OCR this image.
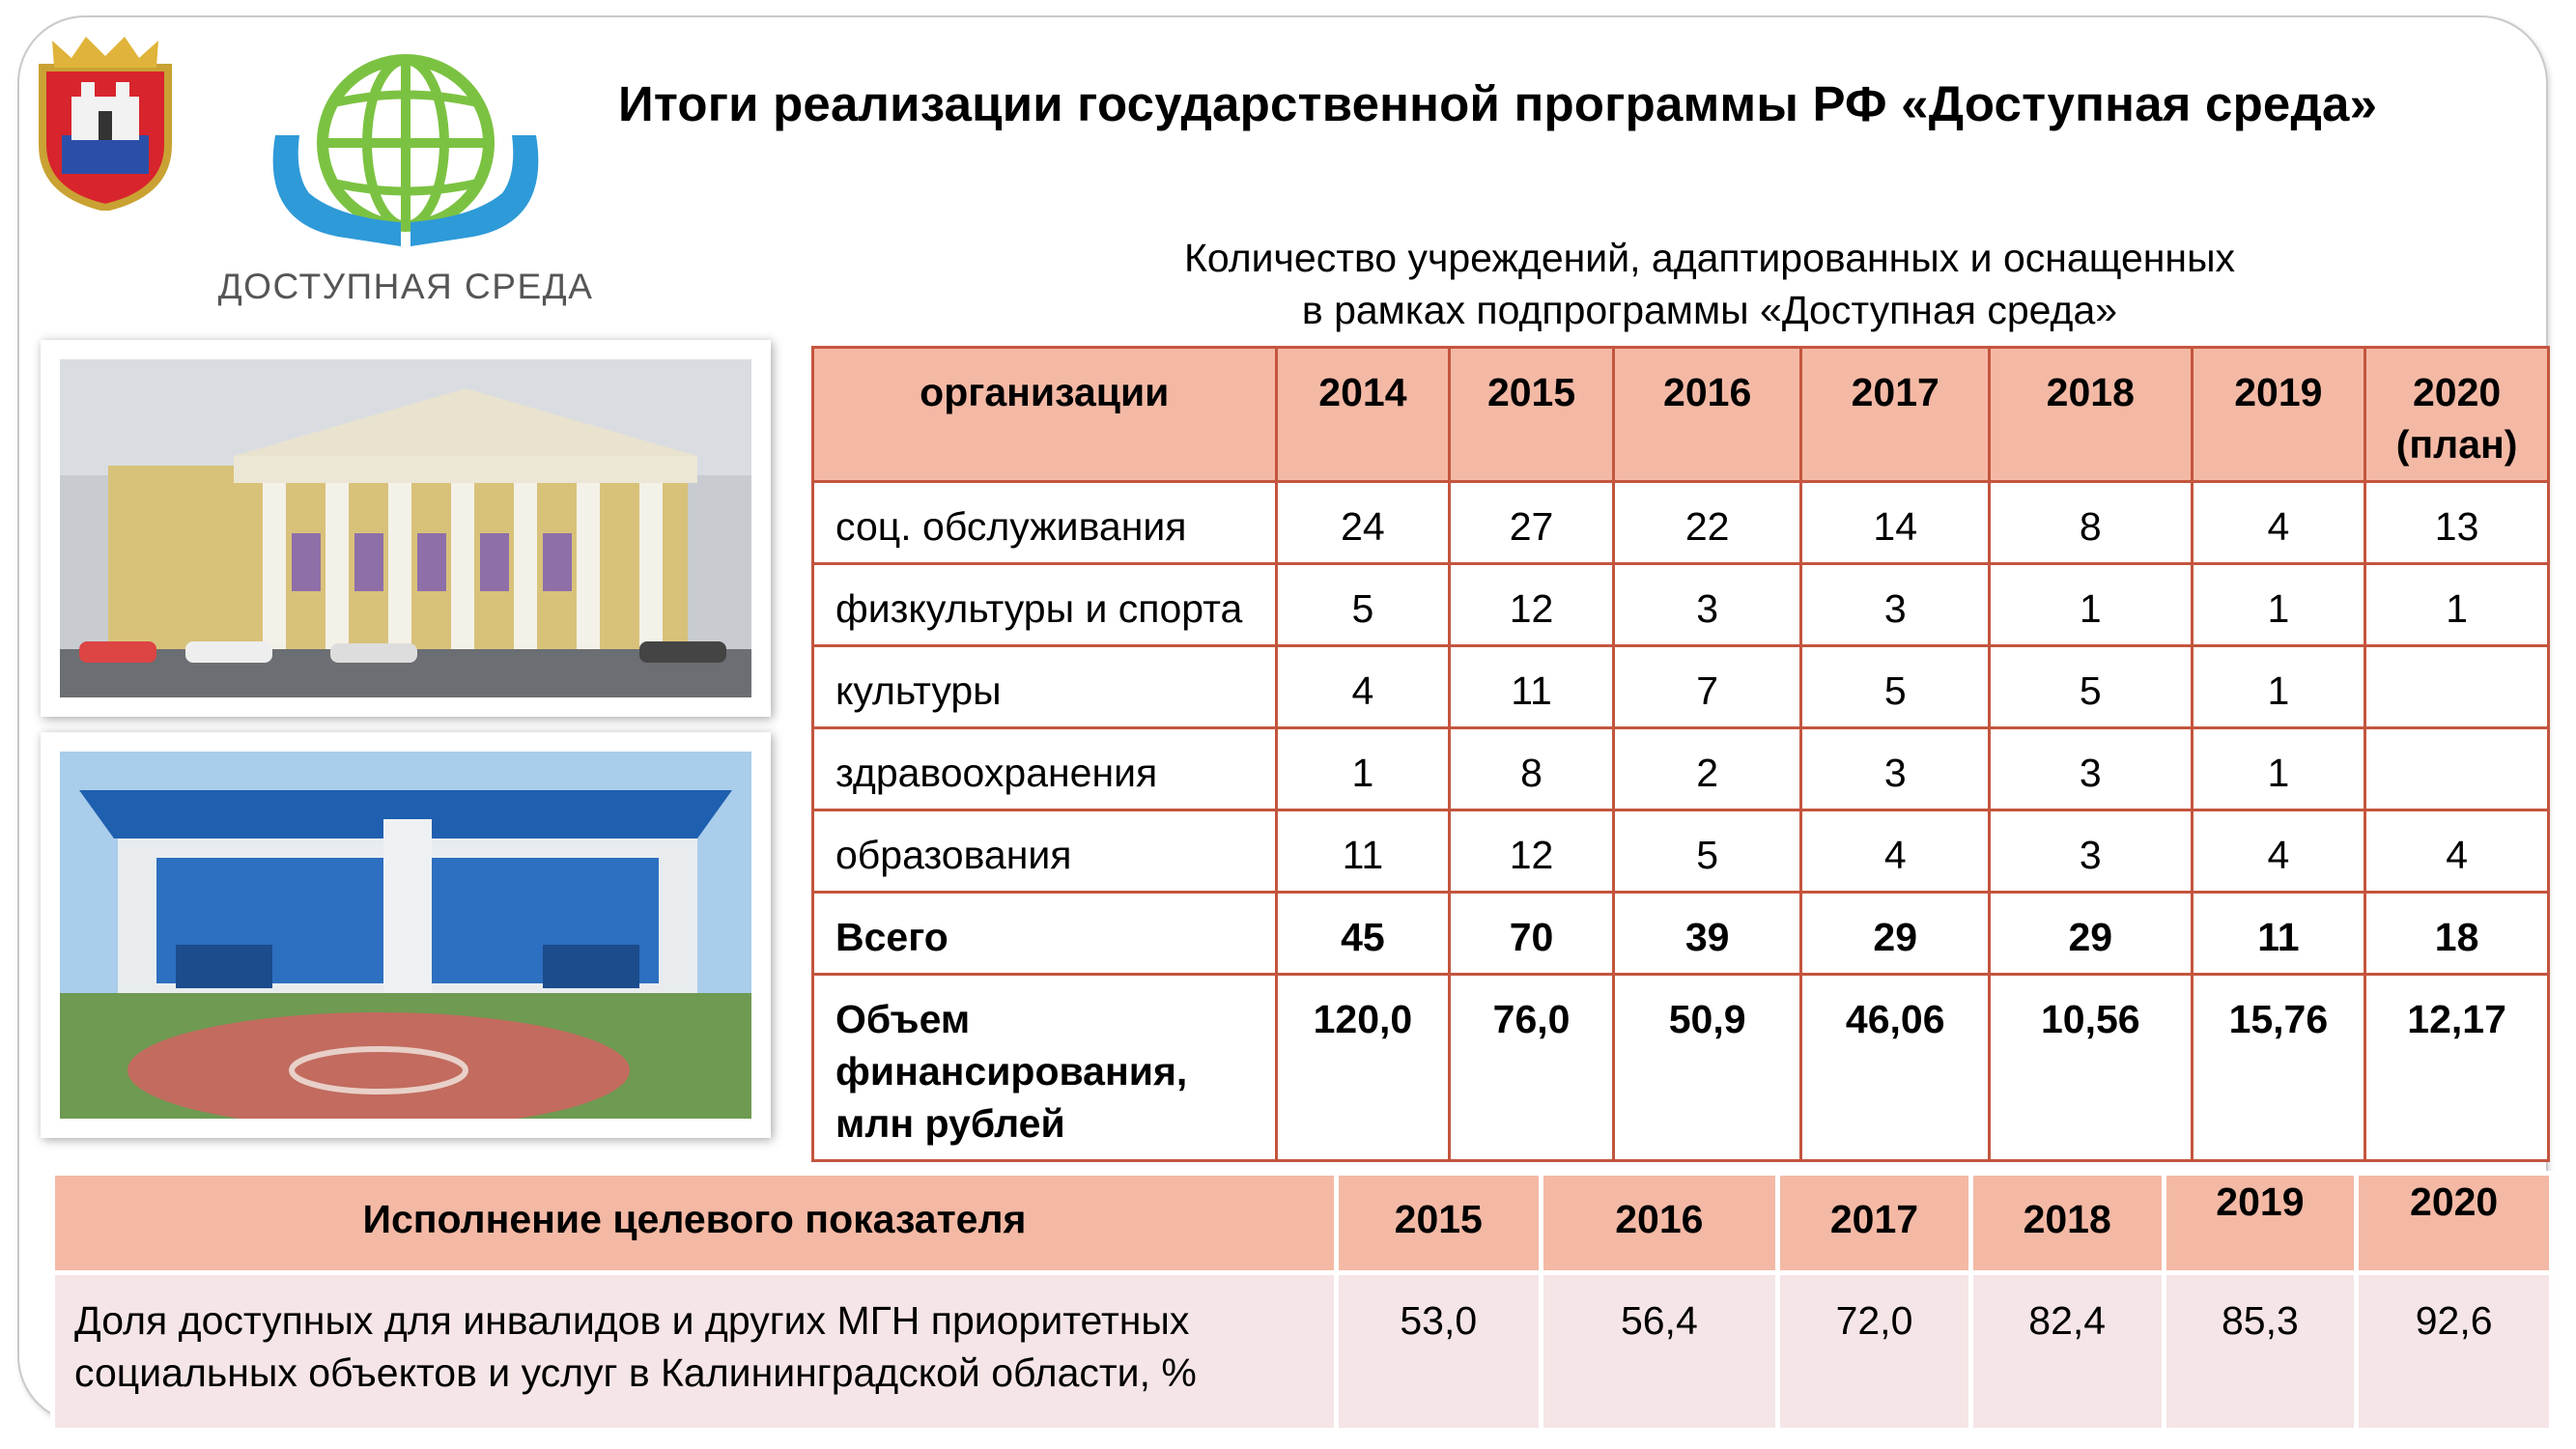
ДОСТУПНАЯ СРЕДА
Итоги реализации государственной программы РФ «Доступная среда»
Количество учреждений, адаптированных и оснащенных
в рамках подпрограммы «Доступная среда»
организации	2014	2015	2016	2017	2018	2019	2020 (план)
соц. обслуживания	24	27	22	14	8	4	13
физкультуры и спорта	5	12	3	3	1	1	1
культуры	4	11	7	5	5	1	
здравоохранения	1	8	2	3	3	1	
образования	11	12	5	4	3	4	4
Всего	45	70	39	29	29	11	18
Объем финансирования, млн рублей	120,0	76,0	50,9	46,06	10,56	15,76	12,17
Исполнение целевого показателя	2015	2016	2017	2018	2019	2020
Доля доступных для инвалидов и других МГН приоритетных социальных объектов и услуг в Калининградской области, %	53,0	56,4	72,0	82,4	85,3	92,6
